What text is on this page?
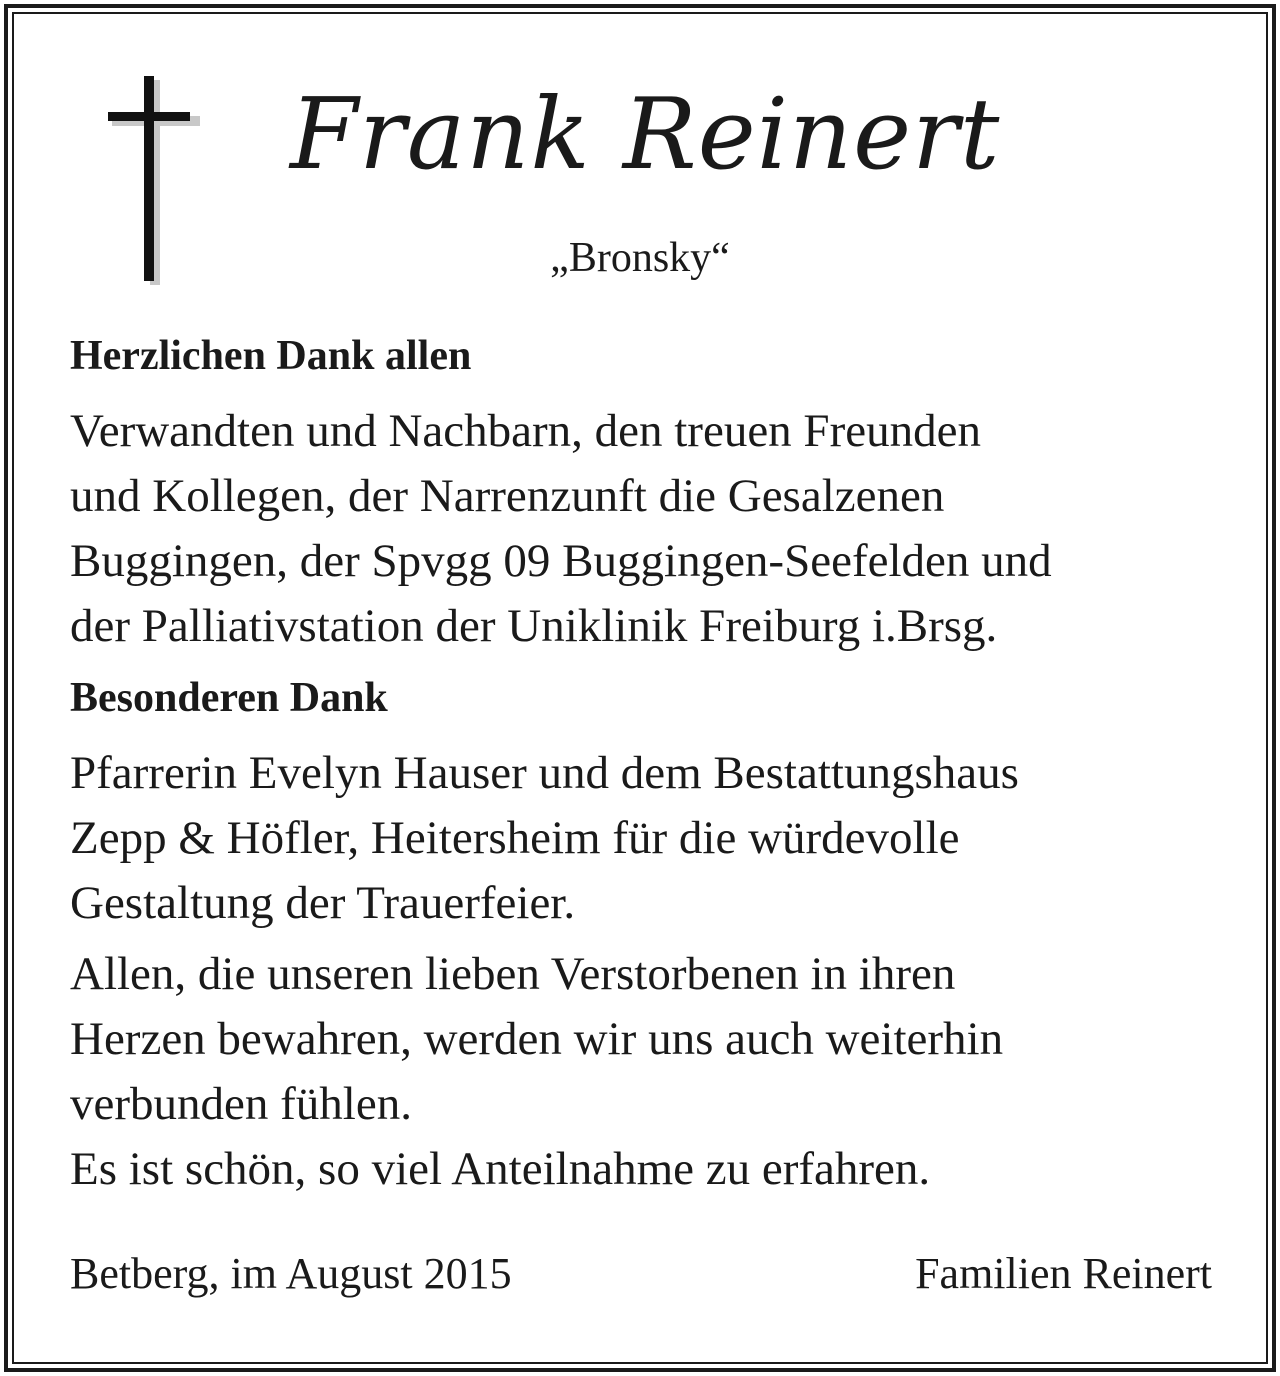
Frank Reinert
„Bronsky“
Herzlichen Dank allen
Verwandten und Nachbarn, den treuen Freunden
und Kollegen, der Narrenzunft die Gesalzenen
Buggingen, der Spvgg 09 Buggingen-Seefelden und
der Palliativstation der Uniklinik Freiburg i.Brsg.
Besonderen Dank
Pfarrerin Evelyn Hauser und dem Bestattungshaus
Zepp & Höfler, Heitersheim für die würdevolle
Gestaltung der Trauerfeier.
Allen, die unseren lieben Verstorbenen in ihren
Herzen bewahren, werden wir uns auch weiterhin
verbunden fühlen.
Es ist schön, so viel Anteilnahme zu erfahren.
Betberg, im August 2015	Familien Reinert
